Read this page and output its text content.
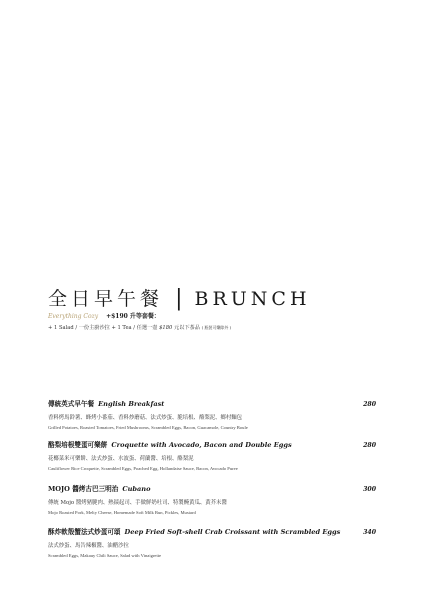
全日早午餐 | BRUNCH
Everything Cozy +$190 升等套餐：
+ 1 Salad / 一份主廚沙拉 + 1 Tea / 任選一壺 $180 元以下茶品 ( 瓶裝可樂除外 )
傳統英式早午餐 English Breakfast	280
香料烤馬鈴薯、蜂烤小番茄、香料炒蘑菇、法式炒蛋、脆培根、酪梨泥、鄉村麵包
Grilled Potatoes, Roasted Tomatoes, Fried Mushrooms, Scrambled Eggs, Bacon, Guacamole, Country Boule
酪梨培根雙蛋可樂餅 Croquette with Avocado, Bacon and Double Eggs	280
花椰菜米可樂餅、法式炒蛋、水波蛋、荷蘭醬、培根、酪梨泥
Cauliflower Rice Croquette, Scrambled Eggs, Poached Egg, Hollandaise Sauce, Bacon, Avocado Puree
MOJO 醬烤古巴三明治 Cubano	300
傳統 Mojo 醬烤豬腱肉、熱燄起司、手做鮮奶吐司、特製醃黃瓜、黃芥末醬
Mojo Roasted Pork, Melty Cheese, Homemade Soft Milk Bun, Pickles, Mustard
酥炸軟殼蟹法式炒蛋可頌 Deep Fried Soft-shell Crab Croissant with Scrambled Eggs	340
法式炒蛋、馬告辣椒醬、油醋沙拉
Scrambled Eggs, Makauy Chili Sauce, Salad with Vinaigrette
